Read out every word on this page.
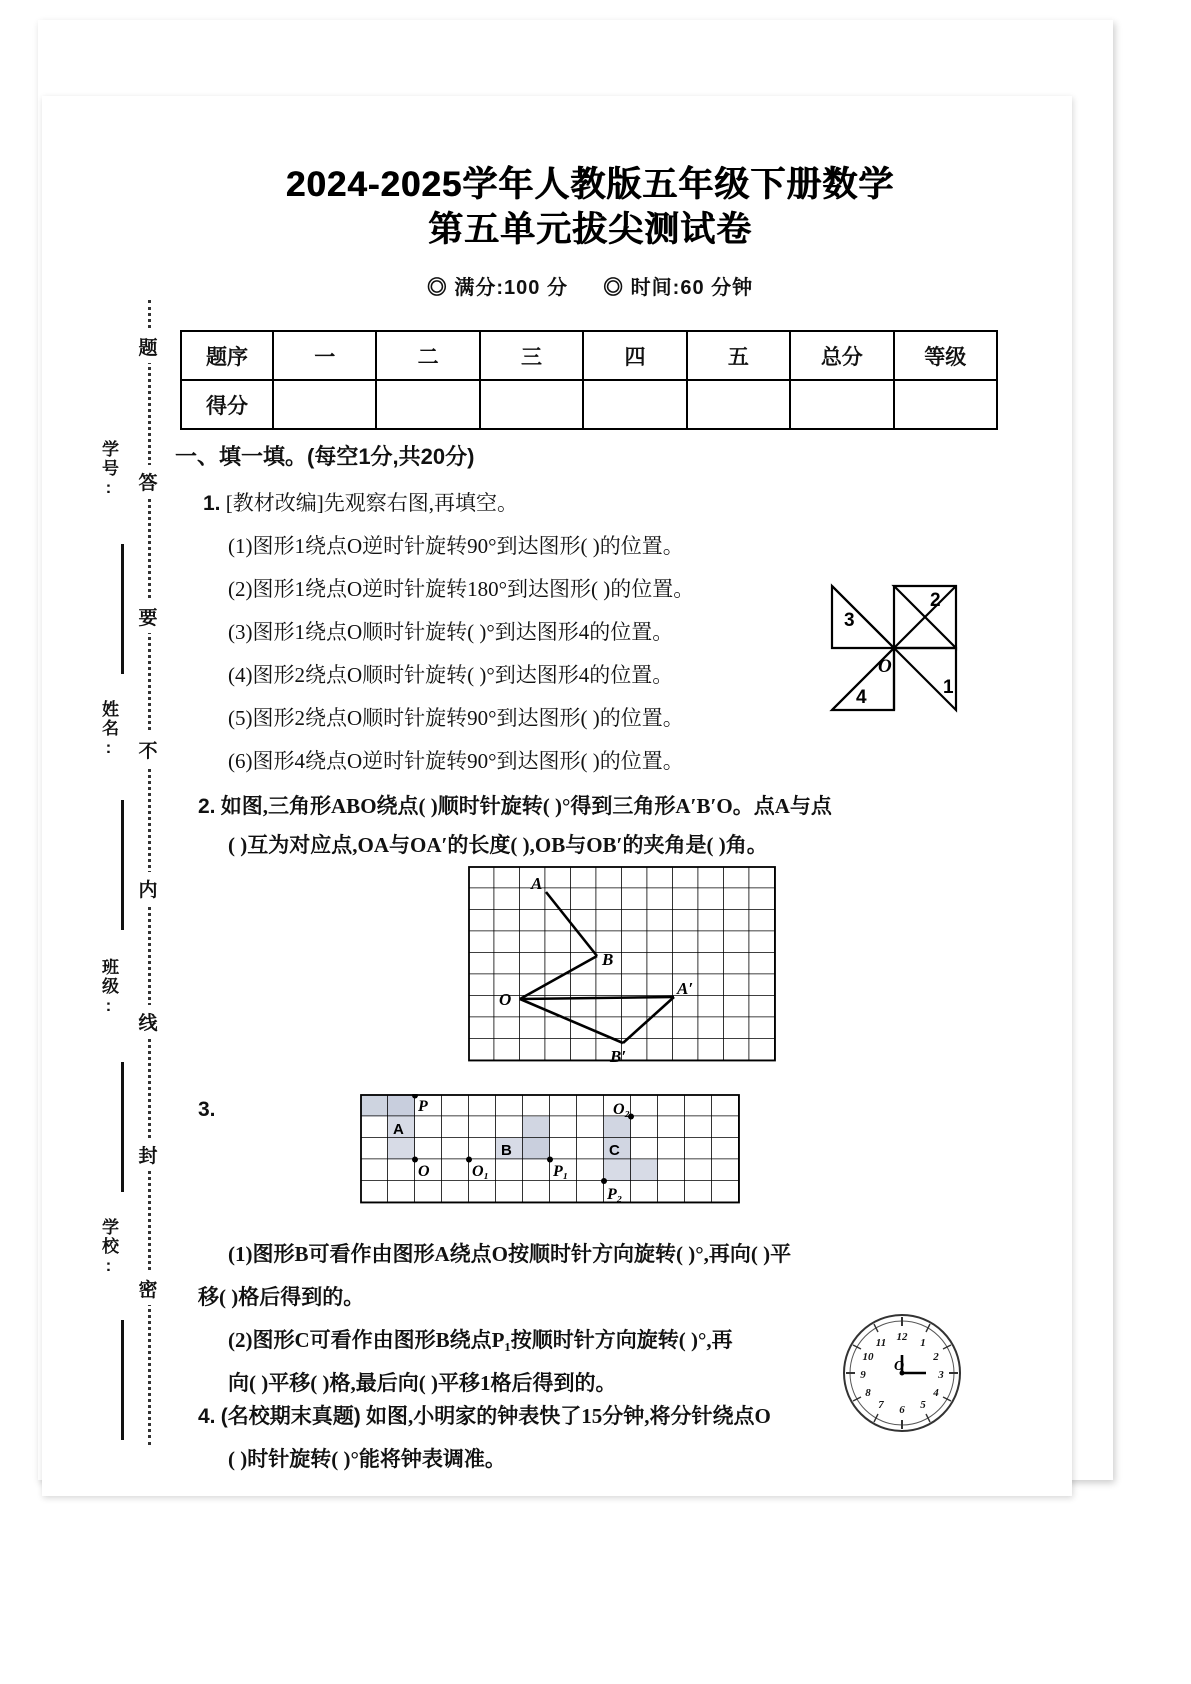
学号:
姓名:
班级:
学校:
题
答
要
不
内
线
封
密
2024-2025学年人教版五年级下册数学
第五单元拔尖测试卷
◎ 满分:100 分 ◎ 时间:60 分钟
题序	一	二	三	四	五	总分	等级
得分							
一、填一填。(每空1分,共20分)
1. [教材改编]先观察右图,再填空。
(1)图形1绕点O逆时针旋转90°到达图形( )的位置。
(2)图形1绕点O逆时针旋转180°到达图形( )的位置。
(3)图形1绕点O顺时针旋转( )°到达图形4的位置。
(4)图形2绕点O顺时针旋转( )°到达图形4的位置。
(5)图形2绕点O顺时针旋转90°到达图形( )的位置。
(6)图形4绕点O逆时针旋转90°到达图形( )的位置。
3
2
1
4
O
2. 如图,三角形ABO绕点( )顺时针旋转( )°得到三角形A′B′O。点A与点
( )互为对应点,OA与OA′的长度( ),OB与OB′的夹角是( )角。
A
B
O
A′
B′
3.	P
A
B	C
O	O₁	P₁
P₂
O₂
(1)图形B可看作由图形A绕点O按顺时针方向旋转( )°,再向( )平
移( )格后得到的。
(2)图形C可看作由图形B绕点P₁按顺时针方向旋转( )°,再
向( )平移( )格,最后向( )平移1格后得到的。
4. (名校期末真题) 如图,小明家的钟表快了15分钟,将分针绕点O
( )时针旋转( )°能将钟表调准。
12 1
2
3
4
5
6
7
8
9
10
11
O
